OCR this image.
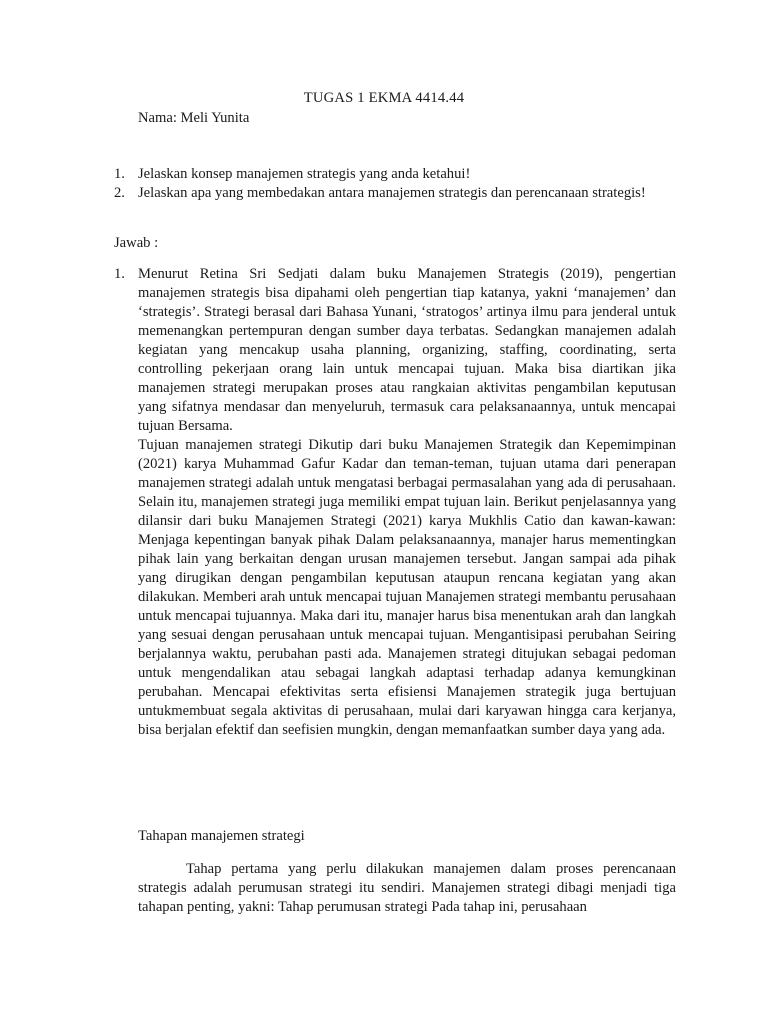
TUGAS 1 EKMA 4414.44
Nama: Meli Yunita
1. Jelaskan konsep manajemen strategis yang anda ketahui!
2. Jelaskan apa yang membedakan antara manajemen strategis dan perencanaan strategis!
Jawab :
1. Menurut Retina Sri Sedjati dalam buku Manajemen Strategis (2019), pengertian manajemen strategis bisa dipahami oleh pengertian tiap katanya, yakni ‘manajemen’ dan ‘strategis’. Strategi berasal dari Bahasa Yunani, ‘stratogos’ artinya ilmu para jenderal untuk memenangkan pertempuran dengan sumber daya terbatas. Sedangkan manajemen adalah kegiatan yang mencakup usaha planning, organizing, staffing, coordinating, serta controlling pekerjaan orang lain untuk mencapai tujuan. Maka bisa diartikan jika manajemen strategi merupakan proses atau rangkaian aktivitas pengambilan keputusan yang sifatnya mendasar dan menyeluruh, termasuk cara pelaksanaannya, untuk mencapai tujuan Bersama.

Tujuan manajemen strategi Dikutip dari buku Manajemen Strategik dan Kepemimpinan (2021) karya Muhammad Gafur Kadar dan teman-teman, tujuan utama dari penerapan manajemen strategi adalah untuk mengatasi berbagai permasalahan yang ada di perusahaan. Selain itu, manajemen strategi juga memiliki empat tujuan lain. Berikut penjelasannya yang dilansir dari buku Manajemen Strategi (2021) karya Mukhlis Catio dan kawan-kawan: Menjaga kepentingan banyak pihak Dalam pelaksanaannya, manajer harus mementingkan pihak lain yang berkaitan dengan urusan manajemen tersebut. Jangan sampai ada pihak yang dirugikan dengan pengambilan keputusan ataupun rencana kegiatan yang akan dilakukan. Memberi arah untuk mencapai tujuan Manajemen strategi membantu perusahaan untuk mencapai tujuannya. Maka dari itu, manajer harus bisa menentukan arah dan langkah yang sesuai dengan perusahaan untuk mencapai tujuan. Mengantisipasi perubahan Seiring berjalannya waktu, perubahan pasti ada. Manajemen strategi ditujukan sebagai pedoman untuk mengendalikan atau sebagai langkah adaptasi terhadap adanya kemungkinan perubahan. Mencapai efektivitas serta efisiensi Manajemen strategik juga bertujuan untukmembuat segala aktivitas di perusahaan, mulai dari karyawan hingga cara kerjanya, bisa berjalan efektif dan seefisien mungkin, dengan memanfaatkan sumber daya yang ada.

Tahapan manajemen strategi

Tahap pertama yang perlu dilakukan manajemen dalam proses perencanaan strategis adalah perumusan strategi itu sendiri. Manajemen strategi dibagi menjadi tiga tahapan penting, yakni: Tahap perumusan strategi Pada tahap ini, perusahaan
